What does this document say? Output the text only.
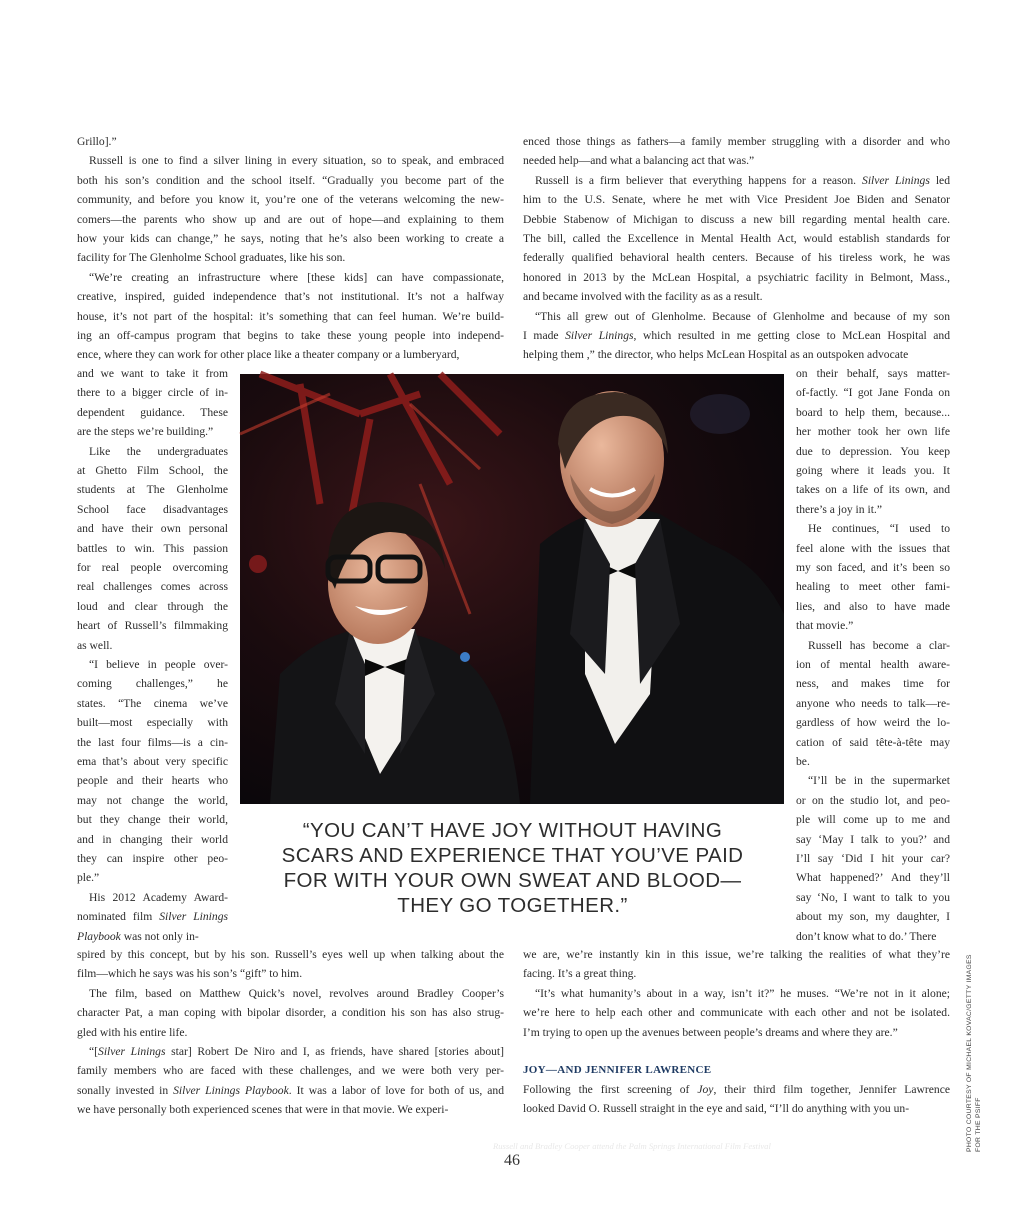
Grillo].”
Russell is one to find a silver lining in every situation, so to speak, and embraced
both his son’s condition and the school itself. “Gradually you become part of the
community, and before you know it, you’re one of the veterans welcoming the new-
comers—the parents who show up and are out of hope—and explaining to them
how your kids can change,” he says, noting that he’s also been working to create a
facility for The Glenholme School graduates, like his son.
“We’re creating an infrastructure where [these kids] can have compassionate,
creative, inspired, guided independence that’s not institutional. It’s not a halfway
house, it’s not part of the hospital: it’s something that can feel human. We’re build-
ing an off-campus program that begins to take these young people into independ-
ence, where they can work for other place like a theater company or a lumberyard,
and we want to take it from
there to a bigger circle of in-
dependent guidance. These
are the steps we’re building.”
Like the undergraduates
at Ghetto Film School, the
students at The Glenholme
School face disadvantages
and have their own personal
battles to win. This passion
for real people overcoming
real challenges comes across
loud and clear through the
heart of Russell’s filmmaking
as well.
“I believe in people over-
coming challenges,” he
states. “The cinema we’ve
built—most especially with
the last four films—is a cin-
ema that’s about very specific
people and their hearts who
may not change the world,
but they change their world,
and in changing their world
they can inspire other peo-
ple.”
His 2012 Academy Award-
nominated film Silver Linings
Playbook was not only in-
spired by this concept, but by his son. Russell’s eyes well up when talking about the
film—which he says was his son’s “gift” to him.
The film, based on Matthew Quick’s novel, revolves around Bradley Cooper’s
character Pat, a man coping with bipolar disorder, a condition his son has also strug-
gled with his entire life.
“[Silver Linings star] Robert De Niro and I, as friends, have shared [stories about]
family members who are faced with these challenges, and we were both very per-
sonally invested in Silver Linings Playbook. It was a labor of love for both of us, and
we have personally both experienced scenes that were in that movie. We experi-
enced those things as fathers—a family member struggling with a disorder and who
needed help—and what a balancing act that was.”
Russell is a firm believer that everything happens for a reason. Silver Linings led
him to the U.S. Senate, where he met with Vice President Joe Biden and Senator
Debbie Stabenow of Michigan to discuss a new bill regarding mental health care.
The bill, called the Excellence in Mental Health Act, would establish standards for
federally qualified behavioral health centers. Because of his tireless work, he was
honored in 2013 by the McLean Hospital, a psychiatric facility in Belmont, Mass.,
and became involved with the facility as as a result.
“This all grew out of Glenholme. Because of Glenholme and because of my son
I made Silver Linings, which resulted in me getting close to McLean Hospital and
helping them ,” the director, who helps McLean Hospital as an outspoken advocate
on their behalf, says matter-
of-factly. “I got Jane Fonda on
board to help them, because...
her mother took her own life
due to depression. You keep
going where it leads you. It
takes on a life of its own, and
there’s a joy in it.”
He continues, “I used to
feel alone with the issues that
my son faced, and it’s been so
healing to meet other fami-
lies, and also to have made
that movie.”
Russell has become a clar-
ion of mental health aware-
ness, and makes time for
anyone who needs to talk—re-
gardless of how weird the lo-
cation of said tête-à-tête may
be.
“I’ll be in the supermarket
or on the studio lot, and peo-
ple will come up to me and
say ‘May I talk to you?’ and
I’ll say ‘Did I hit your car?
What happened?’ And they’ll
say ‘No, I want to talk to you
about my son, my daughter, I
don’t know what to do.’ There
we are, we’re instantly kin in this issue, we’re talking the realities of what they’re
facing. It’s a great thing.
“It’s what humanity’s about in a way, isn’t it?” he muses. “We’re not in it alone;
we’re here to help each other and communicate with each other and not be isolated.
I’m trying to open up the avenues between people’s dreams and where they are.”
Following the first screening of Joy, their third film together, Jennifer Lawrence
looked David O. Russell straight in the eye and said, “I’ll do anything with you un-
Russell and Bradley Cooper attend the Palm Springs International Film Festival
“YOU CAN’T HAVE JOY WITHOUT HAVING
SCARS AND EXPERIENCE THAT YOU’VE PAID
FOR WITH YOUR OWN SWEAT AND BLOOD—
THEY GO TOGETHER.”
JOY—AND JENNIFER LAWRENCE	PHOTO COURTESY OF MICHAEL KOVAC/GETTY IMAGES FOR THE PSIFF
46
